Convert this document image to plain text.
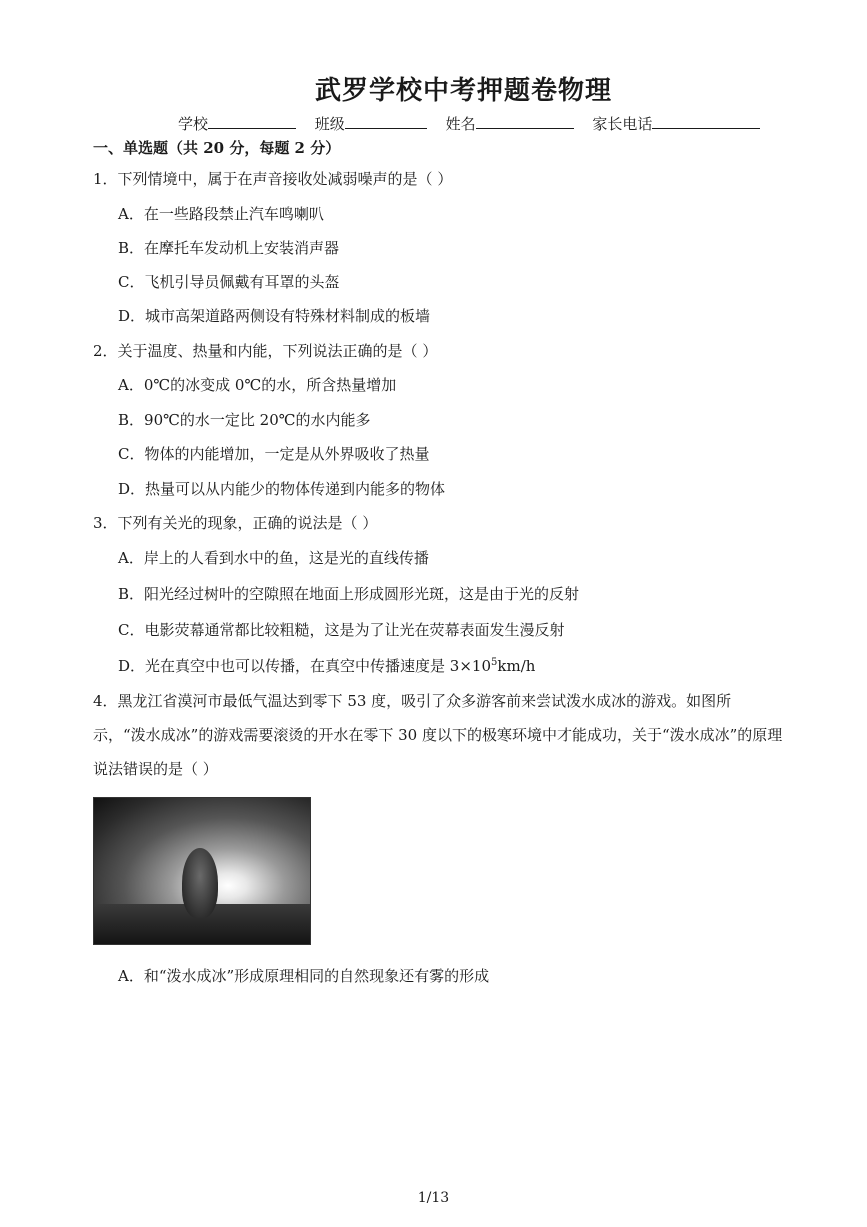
武罗学校中考押题卷物理
学校	班级	姓名	家长电话
一、单选题（共 20 分，每题 2 分）
1．下列情境中，属于在声音接收处减弱噪声的是（ ）
A．在一些路段禁止汽车鸣喇叭
B．在摩托车发动机上安装消声器
C．飞机引导员佩戴有耳罩的头盔
D．城市高架道路两侧设有特殊材料制成的板墙
2．关于温度、热量和内能，下列说法正确的是（ ）
A．0℃的冰变成 0℃的水，所含热量增加
B．90℃的水一定比 20℃的水内能多
C．物体的内能增加，一定是从外界吸收了热量
D．热量可以从内能少的物体传递到内能多的物体
3．下列有关光的现象，正确的说法是（ ）
A．岸上的人看到水中的鱼，这是光的直线传播
B．阳光经过树叶的空隙照在地面上形成圆形光斑，这是由于光的反射
C．电影荧幕通常都比较粗糙，这是为了让光在荧幕表面发生漫反射
D．光在真空中也可以传播，在真空中传播速度是 $3\times 10^5km/h$
4．黑龙江省漠河市最低气温达到零下 53 度，吸引了众多游客前来尝试泼水成冰的游戏。如图所示，“泼水成冰”的游戏需要滚烫的开水在零下 30 度以下的极寒环境中才能成功，关于“泼水成冰”的原理说法错误的是（ ）
A．和“泼水成冰”形成原理相同的自然现象还有雾的形成
1/13
